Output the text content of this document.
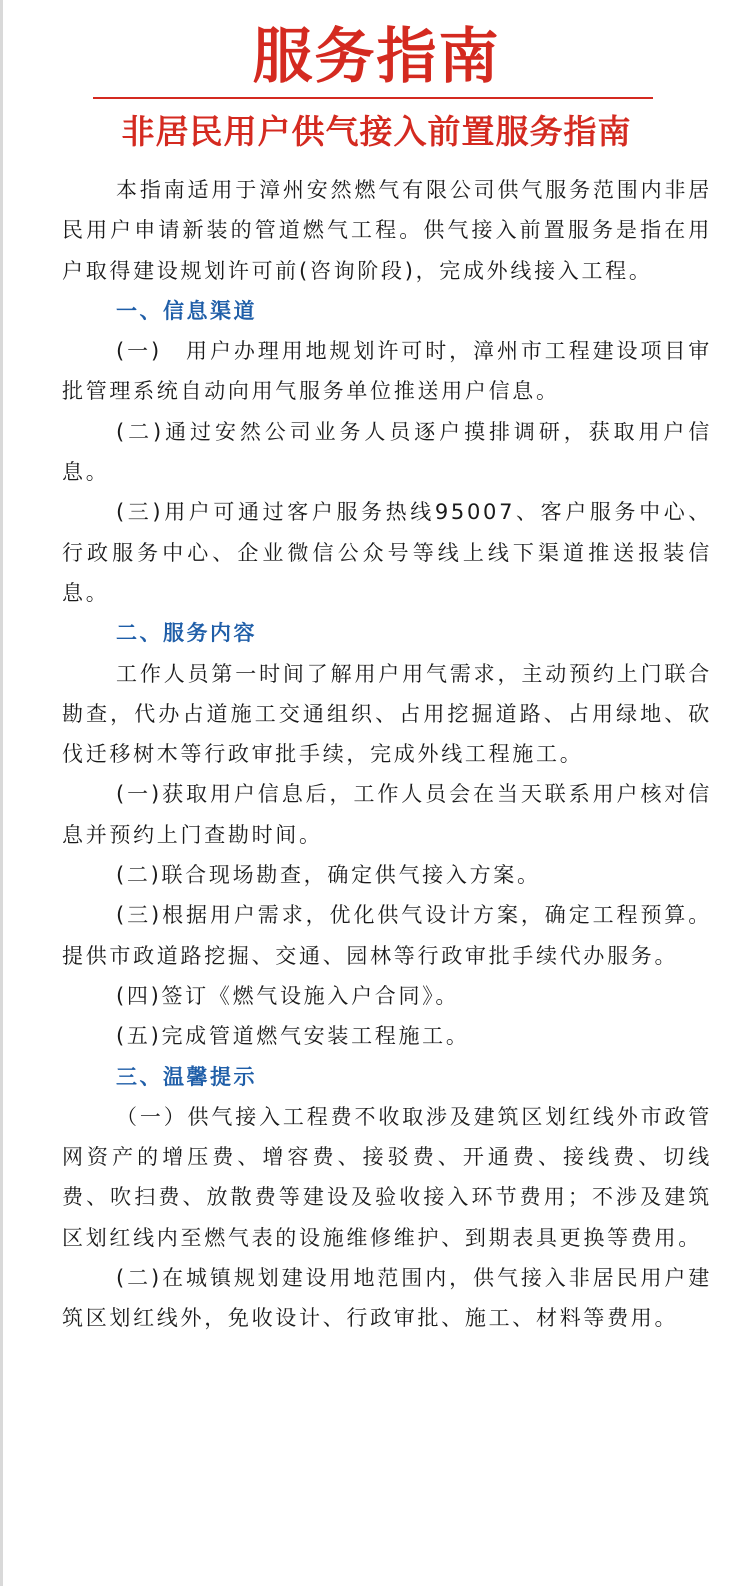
服务指南
非居民用户供气接入前置服务指南

本指南适用于漳州安然燃气有限公司供气服务范围内非居民用户申请新装的管道燃气工程。供气接入前置服务是指在用户取得建设规划许可前(咨询阶段)，完成外线接入工程。

一、信息渠道

(一)　用户办理用地规划许可时，漳州市工程建设项目审批管理系统自动向用气服务单位推送用户信息。

(二)通过安然公司业务人员逐户摸排调研，获取用户信息。

(三)用户可通过客户服务热线95007、客户服务中心、行政服务中心、企业微信公众号等线上线下渠道推送报装信息。

二、服务内容

工作人员第一时间了解用户用气需求，主动预约上门联合勘查，代办占道施工交通组织、占用挖掘道路、占用绿地、砍伐迁移树木等行政审批手续，完成外线工程施工。

(一)获取用户信息后，工作人员会在当天联系用户核对信息并预约上门查勘时间。

(二)联合现场勘查，确定供气接入方案。

(三)根据用户需求，优化供气设计方案，确定工程预算。提供市政道路挖掘、交通、园林等行政审批手续代办服务。

(四)签订《燃气设施入户合同》。

(五)完成管道燃气安装工程施工。

三、温馨提示

（一）供气接入工程费不收取涉及建筑区划红线外市政管网资产的增压费、增容费、接驳费、开通费、接线费、切线费、吹扫费、放散费等建设及验收接入环节费用；不涉及建筑区划红线内至燃气表的设施维修维护、到期表具更换等费用。

(二)在城镇规划建设用地范围内，供气接入非居民用户建筑区划红线外，免收设计、行政审批、施工、材料等费用。
